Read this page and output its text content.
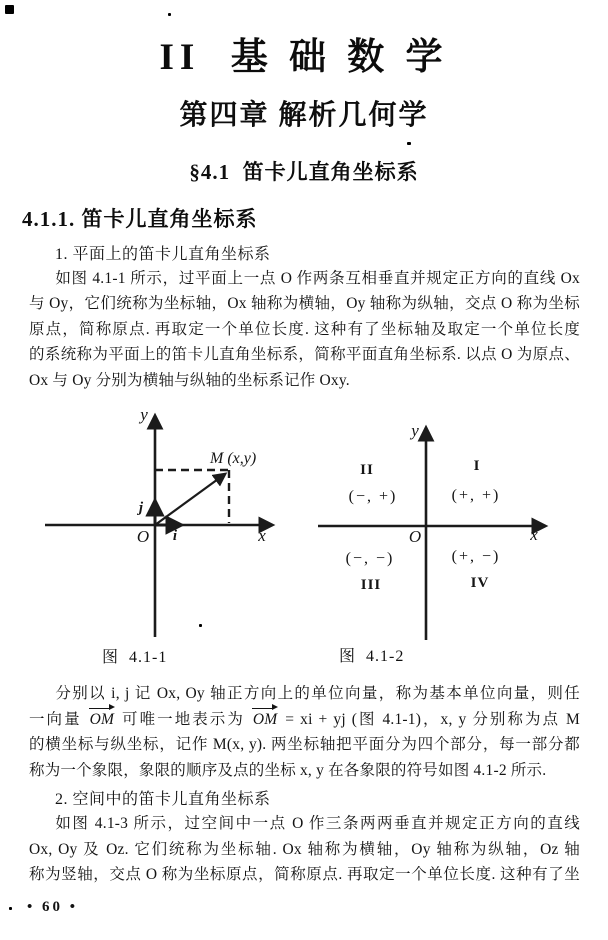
II  基 础 数 学
第四章 解析几何学
§4.1  笛卡儿直角坐标系
4.1.1. 笛卡儿直角坐标系
1. 平面上的笛卡儿直角坐标系
如图 4.1-1 所示，过平面上一点 O 作两条互相垂直并规定正方向的直线 Ox
与 Oy，它们统称为坐标轴，Ox 轴称为横轴，Oy 轴称为纵轴，交点 O 称为坐标
原点，简称原点. 再取定一个单位长度. 这种有了坐标轴及取定一个单位长度
的系统称为平面上的笛卡儿直角坐标系，简称平面直角坐标系. 以点 O 为原点、
Ox 与 Oy 分别为横轴与纵轴的坐标系记作 Oxy.
y
x
O
M (x,y)
i
j
图  4.1-1
y
x
O
I
II
III	IV
(+, +)
(−, +)
(−, −)	(+, −)
图  4.1-2
分别以 i, j 记 Ox, Oy 轴正方向上的单位向量，称为基本单位向量，则任
一向量 OM 可唯一地表示为 OM = xi + yj (图 4.1-1)，x, y 分别称为点 M
的横坐标与纵坐标，记作 M(x, y). 两坐标轴把平面分为四个部分，每一部分都
称为一个象限，象限的顺序及点的坐标 x, y 在各象限的符号如图 4.1-2 所示.
2. 空间中的笛卡儿直角坐标系
如图 4.1-3 所示，过空间中一点 O 作三条两两垂直并规定正方向的直线
Ox, Oy 及 Oz. 它们统称为坐标轴. Ox 轴称为横轴，Oy 轴称为纵轴，Oz 轴
称为竖轴，交点 O 称为坐标原点，简称原点. 再取定一个单位长度. 这种有了坐
• 60 •
